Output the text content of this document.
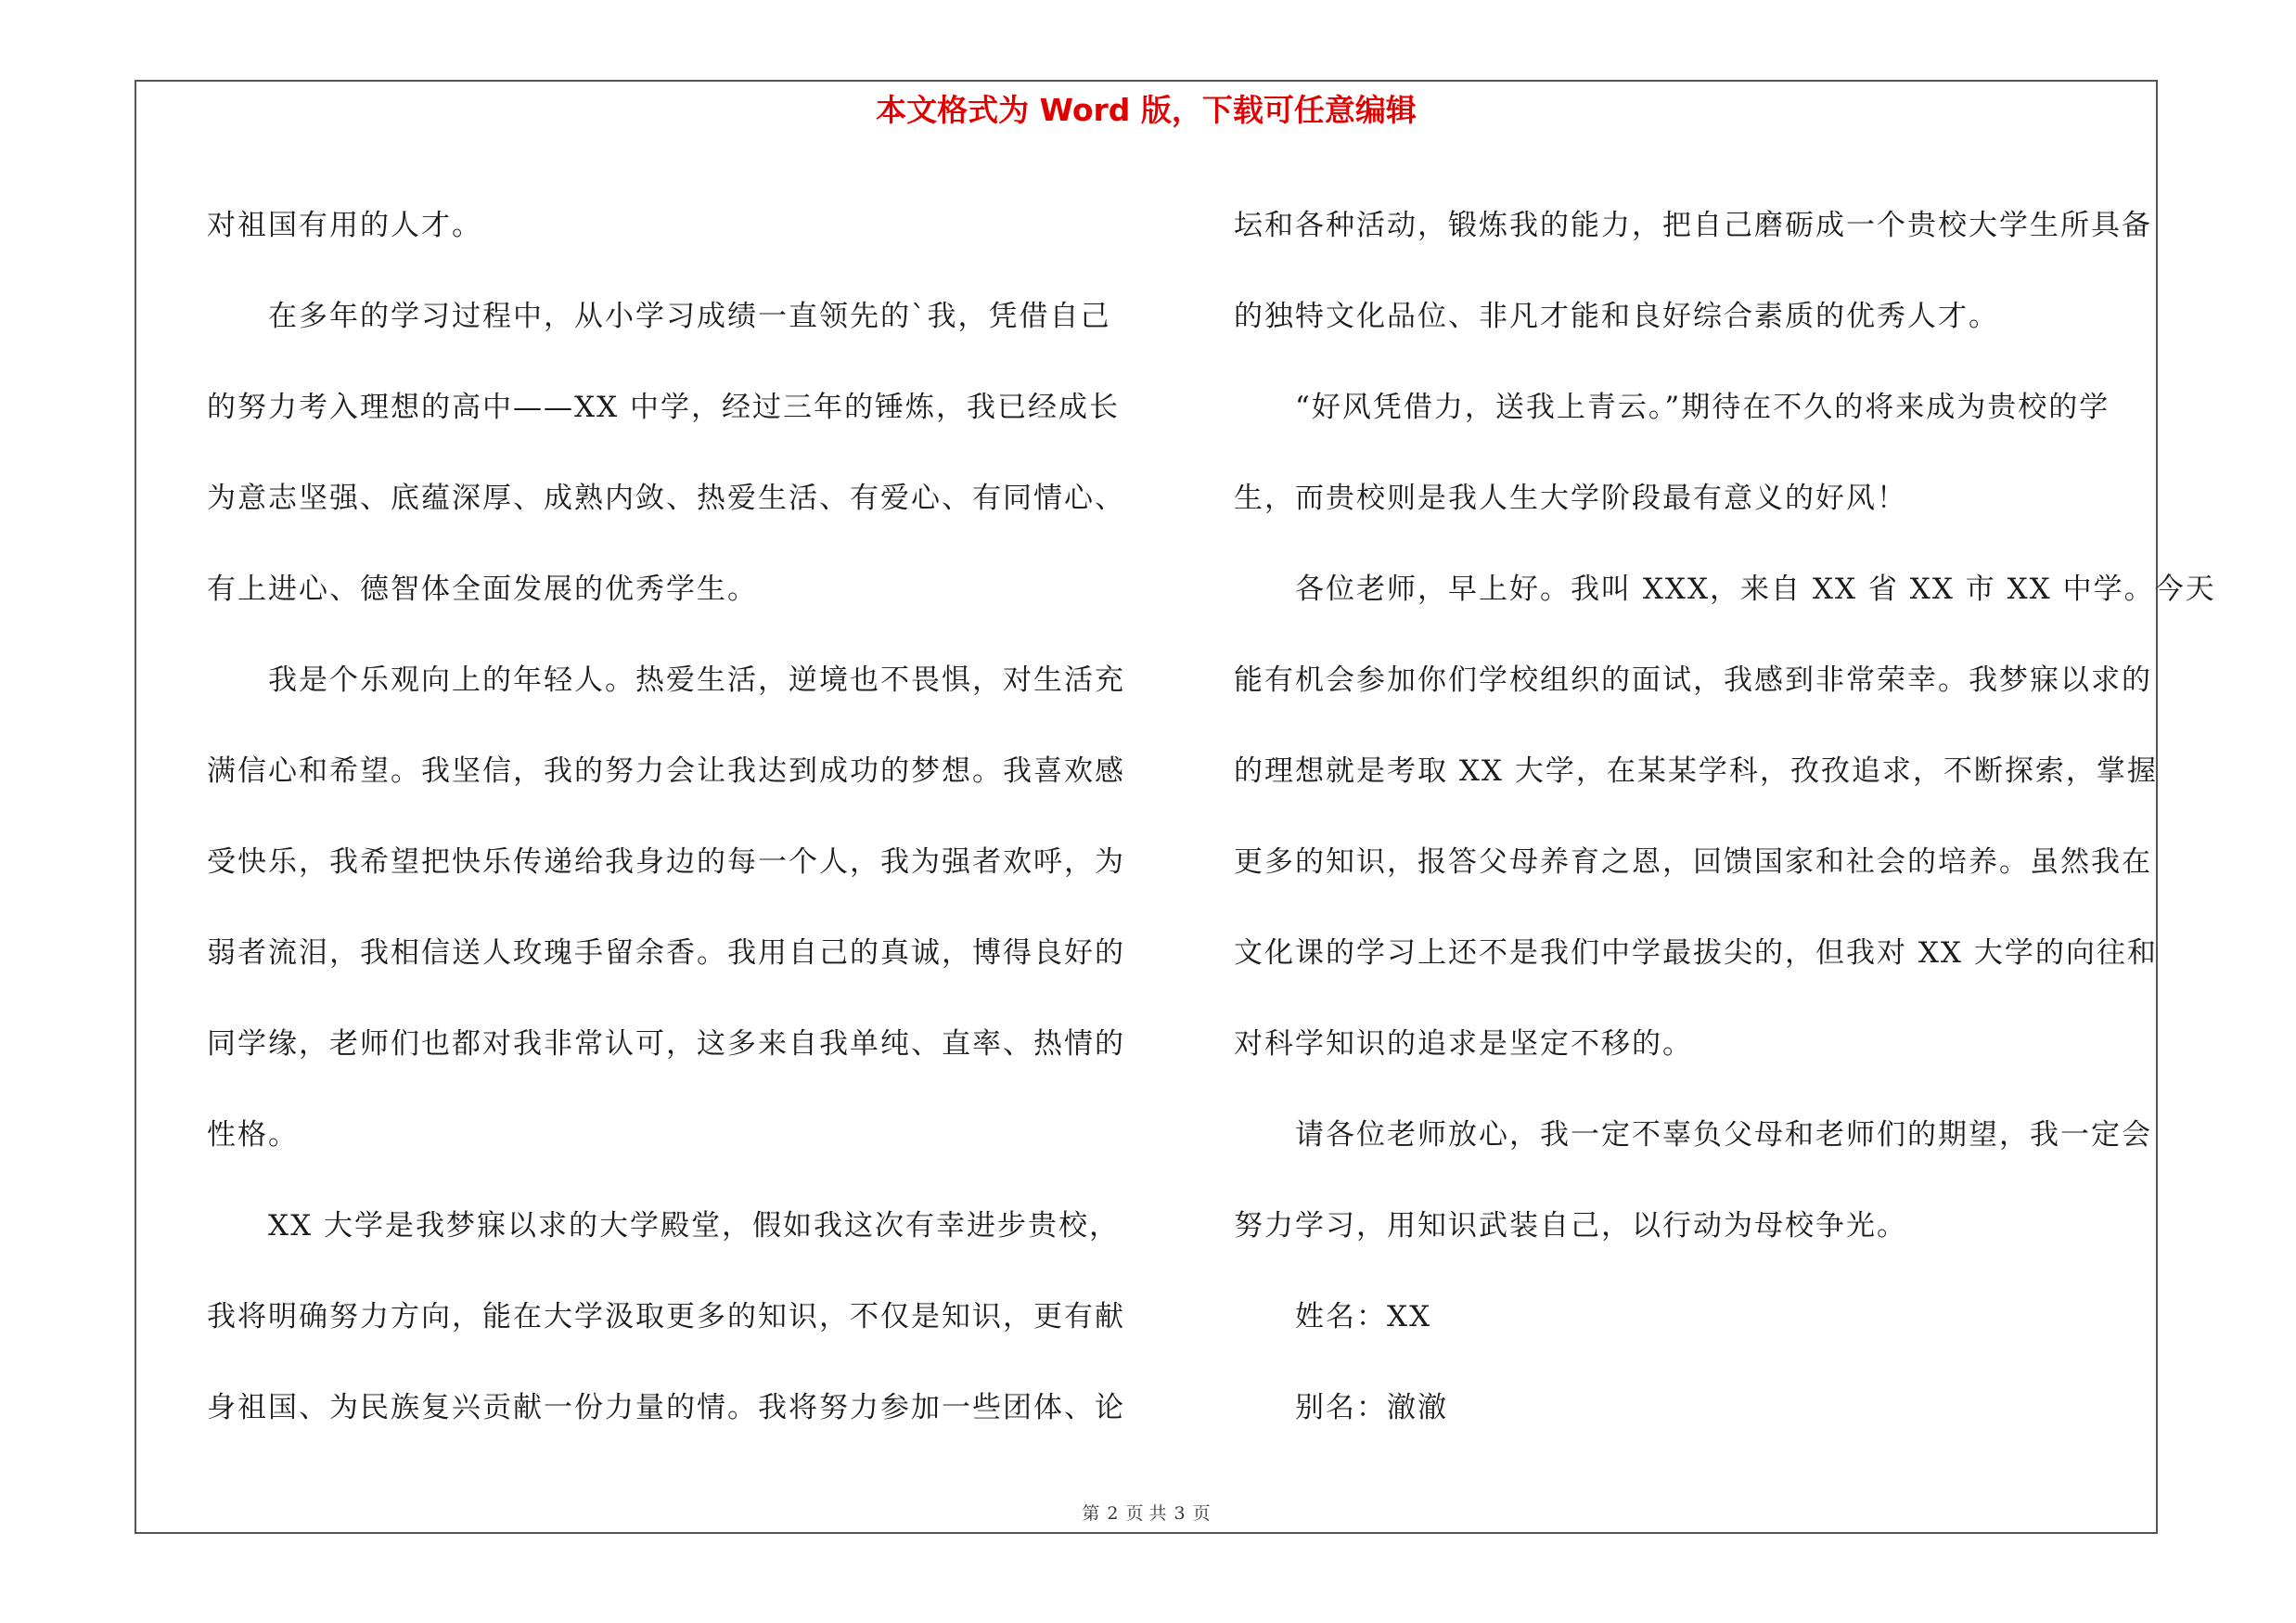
本文格式为 Word 版，下载可任意编辑
对祖国有用的人才。
在多年的学习过程中，从小学习成绩一直领先的`我，凭借自己
的努力考入理想的高中——XX 中学，经过三年的锤炼，我已经成长
为意志坚强、底蕴深厚、成熟内敛、热爱生活、有爱心、有同情心、
有上进心、德智体全面发展的优秀学生。
我是个乐观向上的年轻人。热爱生活，逆境也不畏惧，对生活充
满信心和希望。我坚信，我的努力会让我达到成功的梦想。我喜欢感
受快乐，我希望把快乐传递给我身边的每一个人，我为强者欢呼，为
弱者流泪，我相信送人玫瑰手留余香。我用自己的真诚，博得良好的
同学缘，老师们也都对我非常认可，这多来自我单纯、直率、热情的
性格。
XX 大学是我梦寐以求的大学殿堂，假如我这次有幸进步贵校，
我将明确努力方向，能在大学汲取更多的知识，不仅是知识，更有献
身祖国、为民族复兴贡献一份力量的情。我将努力参加一些团体、论
坛和各种活动，锻炼我的能力，把自己磨砺成一个贵校大学生所具备
的独特文化品位、非凡才能和良好综合素质的优秀人才。
“好风凭借力，送我上青云。”期待在不久的将来成为贵校的学
生，而贵校则是我人生大学阶段最有意义的好风！
各位老师，早上好。我叫 XXX，来自 XX 省 XX 市 XX 中学。今天
能有机会参加你们学校组织的面试，我感到非常荣幸。我梦寐以求的
的理想就是考取 XX 大学，在某某学科，孜孜追求，不断探索，掌握
更多的知识，报答父母养育之恩，回馈国家和社会的培养。虽然我在
文化课的学习上还不是我们中学最拔尖的，但我对 XX 大学的向往和
对科学知识的追求是坚定不移的。
请各位老师放心，我一定不辜负父母和老师们的期望，我一定会
努力学习，用知识武装自己，以行动为母校争光。
姓名：XX
别名：澈澈
第 2 页 共 3 页
